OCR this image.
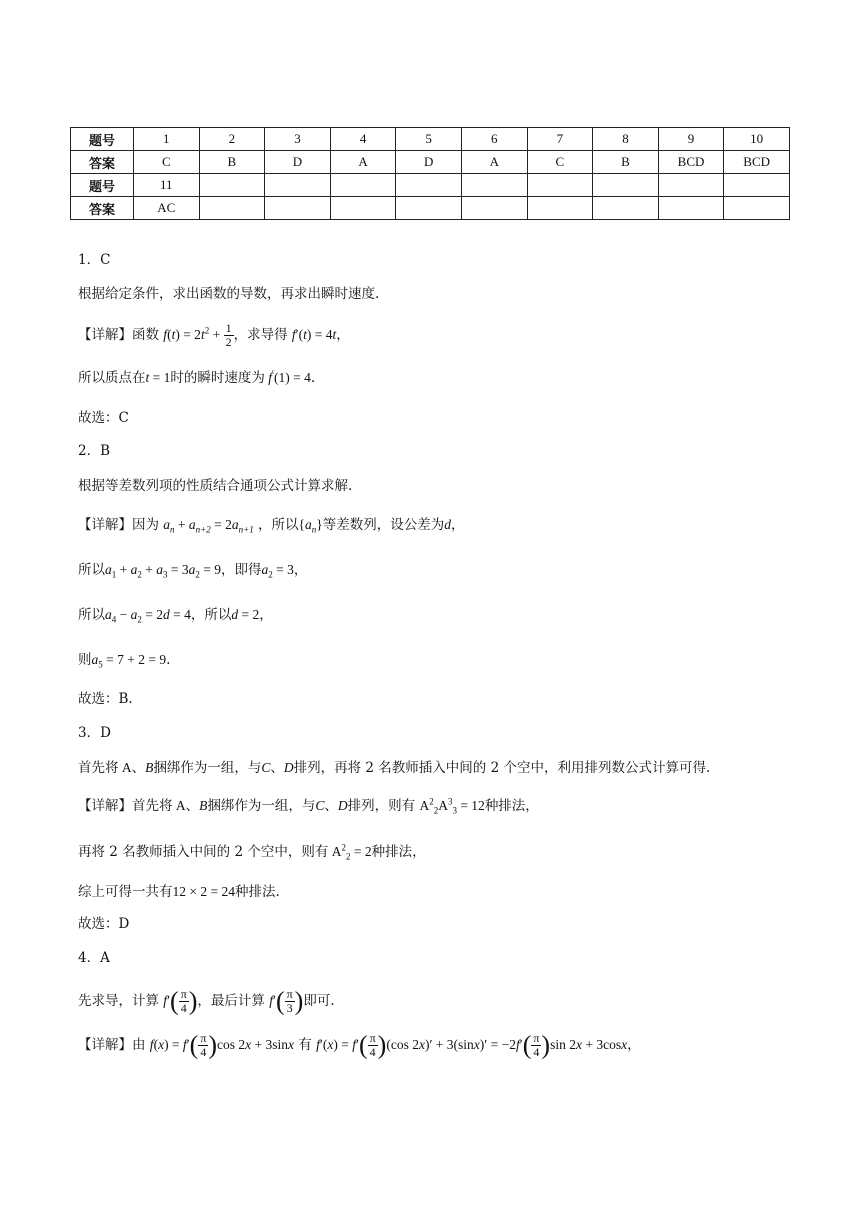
题号	1	2	3	4	5	6	7	8	9	10
答案	C	B	D	A	D	A	C	B	BCD	BCD
题号	11									
答案	AC									
1．C
根据给定条件，求出函数的导数，再求出瞬时速度.
【详解】函数 $f(t) = 2t^2 + \frac{1}{2}$ ，求导得 f′(t) = 4t，
所以质点在t = 1时的瞬时速度为 f′(1) = 4.
故选：C
2．B
根据等差数列项的性质结合通项公式计算求解.
【详解】因为 $a_n + a_{n+2} = 2a_{n+1}$ ，所以$\{a_n\}$等差数列，设公差为d，
所以$a_1 + a_2 + a_3 = 3a_2 = 9$，即得$a_2 = 3$，
所以$a_4 - a_2 = 2d = 4$，所以d = 2，
则$a_5 = 7 + 2 = 9$.
故选：B.
3．D
首先将 A、B捆绑作为一组，与C、D排列，再将 2 名教师插入中间的 2 个空中，利用排列数公式计算可得.
【详解】首先将 A、B捆绑作为一组，与C、D排列，则有 $A^2_2A^3_3 = 12$种排法，
再将 2 名教师插入中间的 2 个空中，则有 $A^2_2 = 2$种排法，
综上可得一共有12 × 2 = 24种排法.
故选：D
4．A
先求导，计算 $f'( \frac{\pi}{4}$ )，最后计算 $f'( \frac{\pi}{3}$ )即可.
【详解】由 $f(x) = f'( \frac{\pi}{4} )\cos$ 2x + 3sinx 有 $f'(x) = f'( \frac{\pi}{4} )(\cos$ $2x)' + 3(\sin x)' = -2f'( \frac{\pi}{4} )\sin$ 2x + 3cosx，
